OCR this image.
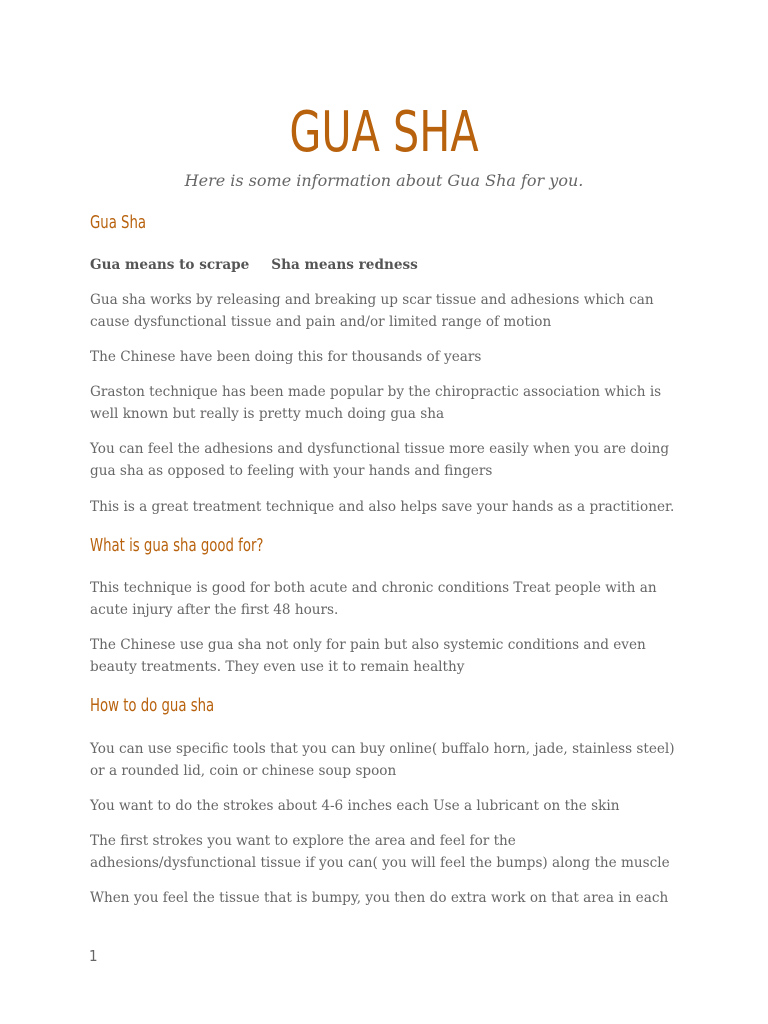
GUA SHA
Here is some information about Gua Sha for you.
Gua Sha
Gua means to scrape Sha means redness
Gua sha works by releasing and breaking up scar tissue and adhesions which can cause dysfunctional tissue and pain and/or limited range of motion
The Chinese have been doing this for thousands of years
Graston technique has been made popular by the chiropractic association which is well known but really is pretty much doing gua sha
You can feel the adhesions and dysfunctional tissue more easily when you are doing gua sha as opposed to feeling with your hands and fingers
This is a great treatment technique and also helps save your hands as a practitioner.
What is gua sha good for?
This technique is good for both acute and chronic conditions Treat people with an acute injury after the first 48 hours.
The Chinese use gua sha not only for pain but also systemic conditions and even beauty treatments. They even use it to remain healthy
How to do gua sha
You can use specific tools that you can buy online( buffalo horn, jade, stainless steel) or a rounded lid, coin or chinese soup spoon
You want to do the strokes about 4-6 inches each Use a lubricant on the skin
The first strokes you want to explore the area and feel for the adhesions/dysfunctional tissue if you can( you will feel the bumps) along the muscle
When you feel the tissue that is bumpy, you then do extra work on that area in each
1
